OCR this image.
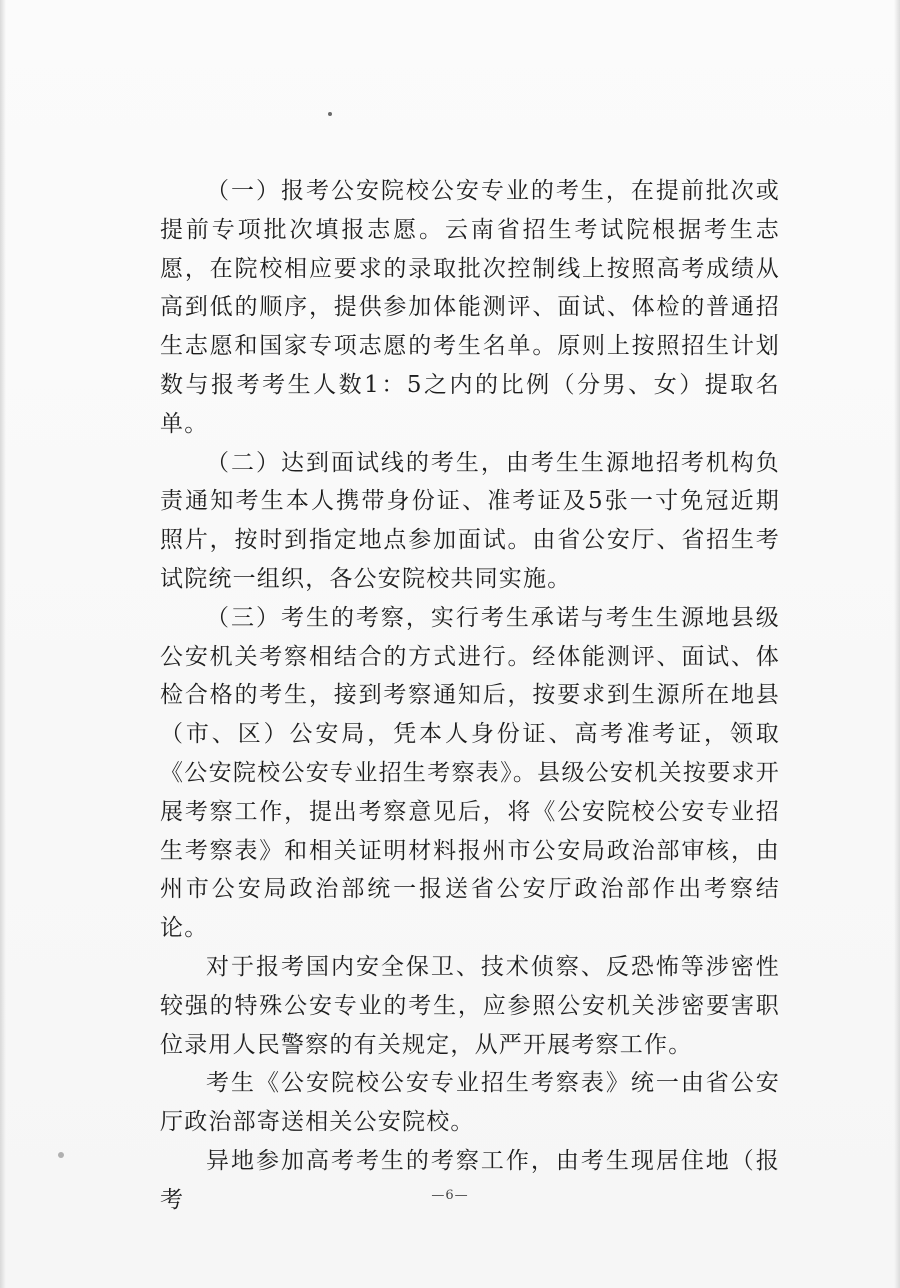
（一）报考公安院校公安专业的考生，在提前批次或提前专项批次填报志愿。云南省招生考试院根据考生志愿，在院校相应要求的录取批次控制线上按照高考成绩从高到低的顺序，提供参加体能测评、面试、体检的普通招生志愿和国家专项志愿的考生名单。原则上按照招生计划数与报考考生人数1：5之内的比例（分男、女）提取名单。

（二）达到面试线的考生，由考生生源地招考机构负责通知考生本人携带身份证、准考证及5张一寸免冠近期照片，按时到指定地点参加面试。由省公安厅、省招生考试院统一组织，各公安院校共同实施。

（三）考生的考察，实行考生承诺与考生生源地县级公安机关考察相结合的方式进行。经体能测评、面试、体检合格的考生，接到考察通知后，按要求到生源所在地县（市、区）公安局，凭本人身份证、高考准考证，领取《公安院校公安专业招生考察表》。县级公安机关按要求开展考察工作，提出考察意见后，将《公安院校公安专业招生考察表》和相关证明材料报州市公安局政治部审核，由州市公安局政治部统一报送省公安厅政治部作出考察结论。

对于报考国内安全保卫、技术侦察、反恐怖等涉密性较强的特殊公安专业的考生，应参照公安机关涉密要害职位录用人民警察的有关规定，从严开展考察工作。

考生《公安院校公安专业招生考察表》统一由省公安厅政治部寄送相关公安院校。

异地参加高考考生的考察工作，由考生现居住地（报考	—6—
